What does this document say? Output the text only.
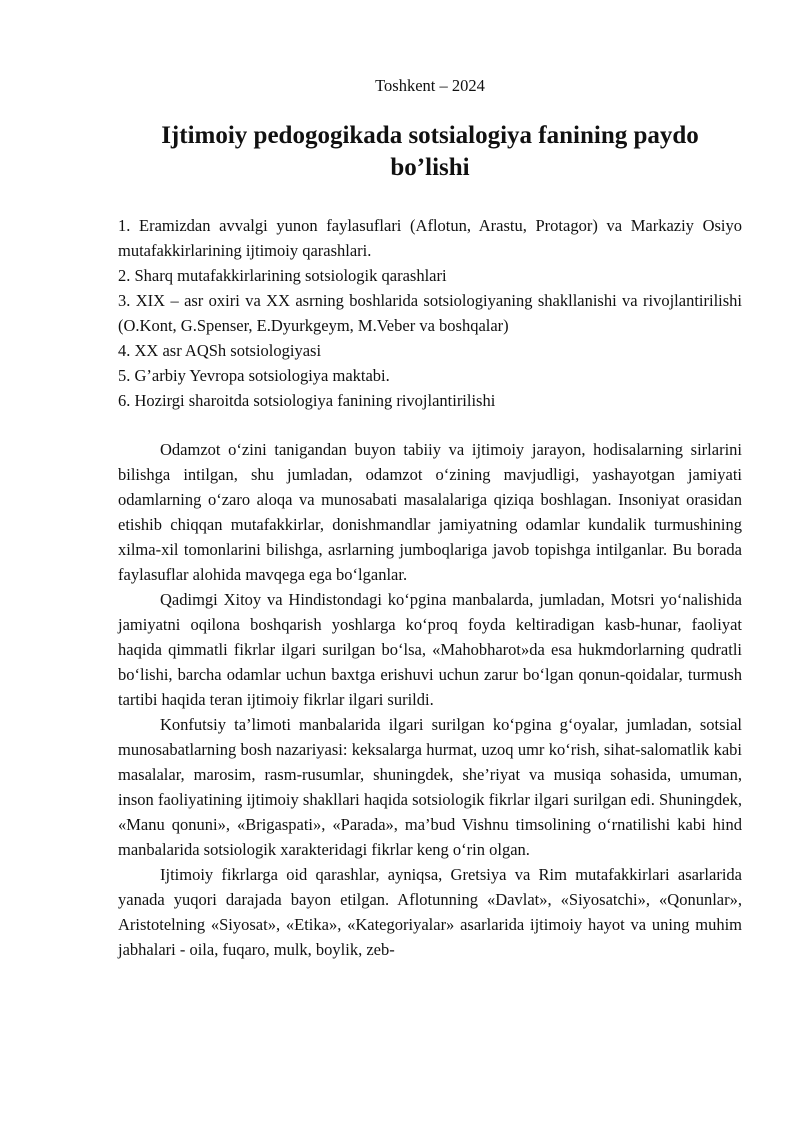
Toshkent – 2024
Ijtimoiy pedogogikada sotsialogiya fanining paydo bo’lishi
1. Eramizdan avvalgi yunon faylasuflari (Aflotun, Arastu, Protagor) va Markaziy Osiyo mutafakkirlarining ijtimoiy qarashlari.
2. Sharq mutafakkirlarining sotsiologik qarashlari
3. XIX – asr oxiri va XX asrning boshlarida sotsiologiyaning shakllanishi va rivojlantirilishi (O.Kont, G.Spenser, E.Dyurkgeym, M.Veber va boshqalar)
4. XX asr AQSh sotsiologiyasi
5. G’arbiy Yevropa sotsiologiya maktabi.
6. Hozirgi sharoitda sotsiologiya fanining rivojlantirilishi

Odamzot o‘zini tanigandan buyon tabiiy va ijtimoiy jarayon, hodisalarning sirlarini bilishga intilgan, shu jumladan, odamzot o‘zining mavjudligi, yashayotgan jamiyati odamlarning o‘zaro aloqa va munosabati masalalariga qiziqa boshlagan. Insoniyat orasidan etishib chiqqan mutafakkirlar, donishmandlar jamiyatning odamlar kundalik turmushining xilma-xil tomonlarini bilishga, asrlarning jumboqlariga javob topishga intilganlar. Bu borada faylasuflar alohida mavqega ega bo‘lganlar.

Qadimgi Xitoy va Hindistondagi ko‘pgina manbalarda, jumladan, Motsri yo‘nalishida jamiyatni oqilona boshqarish yoshlarga ko‘proq foyda keltiradigan kasb-hunar, faoliyat haqida qimmatli fikrlar ilgari surilgan bo‘lsa, «Mahobharot»da esa hukmdorlarning qudratli bo‘lishi, barcha odamlar uchun baxtga erishuvi uchun zarur bo‘lgan qonun-qoidalar, turmush tartibi haqida teran ijtimoiy fikrlar ilgari surildi.

Konfutsiy ta’limoti manbalarida ilgari surilgan ko‘pgina g‘oyalar, jumladan, sotsial munosabatlarning bosh nazariyasi: keksalarga hurmat, uzoq umr ko‘rish, sihat-salomatlik kabi masalalar, marosim, rasm-rusumlar, shuningdek, she’riyat va musiqa sohasida, umuman, inson faoliyatining ijtimoiy shakllari haqida sotsiologik fikrlar ilgari surilgan edi. Shuningdek, «Manu qonuni», «Brigaspati», «Parada», ma’bud Vishnu timsolining o‘rnatilishi kabi hind manbalarida sotsiologik xarakteridagi fikrlar keng o‘rin olgan.

Ijtimoiy fikrlarga oid qarashlar, ayniqsa, Gretsiya va Rim mutafakkirlari asarlarida yanada yuqori darajada bayon etilgan. Aflotunning «Davlat», «Siyosatchi», «Qonunlar», Aristotelning «Siyosat», «Etika», «Kategoriyalar» asarlarida ijtimoiy hayot va uning muhim jabhalari - oila, fuqaro, mulk, boylik, zeb-
